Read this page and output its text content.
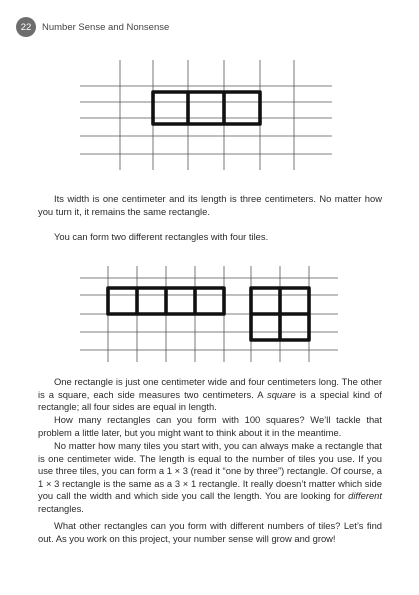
22	Number Sense and Nonsense

Its width is one centimeter and its length is three centimeters. No matter how you turn it, it remains the same rectangle.

You can form two different rectangles with four tiles.

One rectangle is just one centimeter wide and four centimeters long. The other is a square, each side measures two centimeters. A square is a special kind of rectangle; all four sides are equal in length.

How many rectangles can you form with 100 squares? We’ll tackle that problem a little later, but you might want to think about it in the meantime.

No matter how many tiles you start with, you can always make a rectangle that is one centimeter wide. The length is equal to the number of tiles you use. If you use three tiles, you can form a 1 × 3 (read it “one by three”) rectangle. Of course, a 1 × 3 rectangle is the same as a 3 × 1 rectangle. It really doesn’t matter which side you call the width and which side you call the length. You are looking for different rectangles.

What other rectangles can you form with different numbers of tiles? Let’s find out. As you work on this project, your number sense will grow and grow!
